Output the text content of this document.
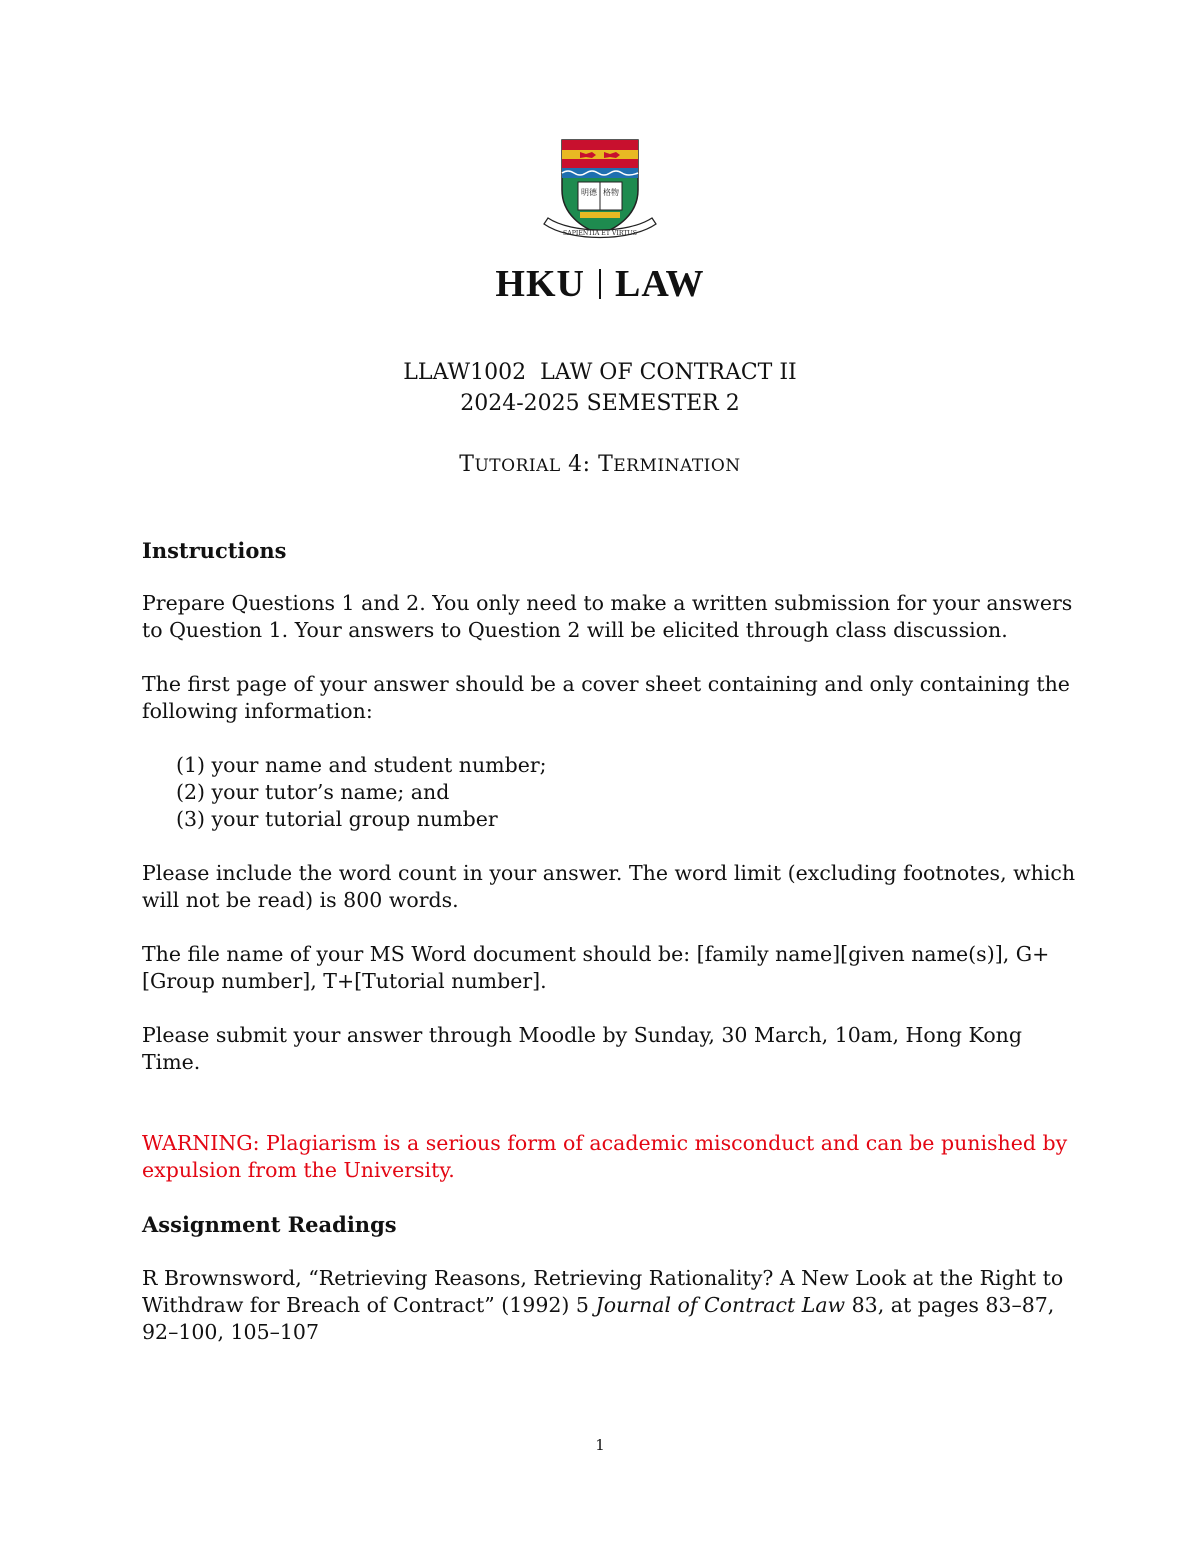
明德 格物
SAPIENTIA ET VIRTUS
HKU LAW
LLAW1002  LAW OF CONTRACT II
2024-2025 SEMESTER 2
TUTORIAL 4: TERMINATION

Instructions

Prepare Questions 1 and 2. You only need to make a written submission for your answers to Question 1. Your answers to Question 2 will be elicited through class discussion.

The first page of your answer should be a cover sheet containing and only containing the following information:

(1) your name and student number;
(2) your tutor’s name; and
(3) your tutorial group number

Please include the word count in your answer. The word limit (excluding footnotes, which will not be read) is 800 words.

The file name of your MS Word document should be: [family name][given name(s)], G+[Group number], T+[Tutorial number].

Please submit your answer through Moodle by Sunday, 30 March, 10am, Hong Kong Time.

WARNING: Plagiarism is a serious form of academic misconduct and can be punished by expulsion from the University.

Assignment Readings

R Brownsword, “Retrieving Reasons, Retrieving Rationality? A New Look at the Right to Withdraw for Breach of Contract” (1992) 5 Journal of Contract Law 83, at pages 83–87, 92–100, 105–107

1
